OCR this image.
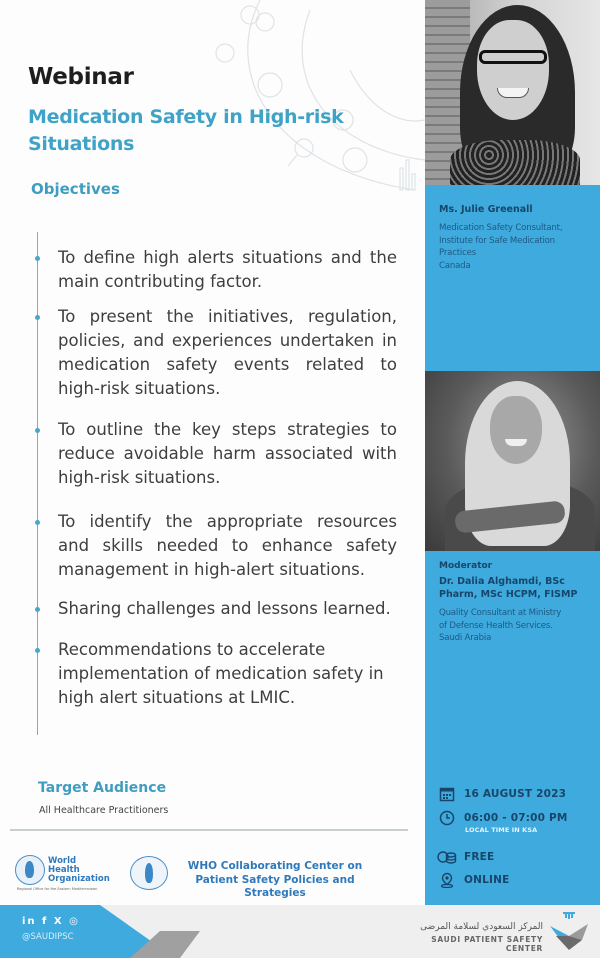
Webinar
Medication Safety in High-risk Situations
Objectives
To define high alerts situations and the main contributing factor.
To present the initiatives, regulation, policies, and experiences undertaken in medication safety events related to high-risk situations.
To outline the key steps strategies to reduce avoidable harm associated with high-risk situations.
To identify the appropriate resources and skills needed to enhance safety management in high-alert situations.
Sharing challenges and lessons learned.
Recommendations to accelerate implementation of medication safety in high alert situations at LMIC.
Target Audience
All Healthcare Practitioners
World Health
Organization
Regional Office for the Eastern Mediterranean
WHO Collaborating Center on
Patient Safety Policies and Strategies
Ms. Julie Greenall
Medication Safety Consultant,
Institute for Safe Medication
Practices
Canada
Moderator
Dr. Dalia Alghamdi, BSc
Pharm, MSc HCPM, FISMP
Quality Consultant at Ministry
of Defense Health Services.
Saudi Arabia
16 AUGUST 2023
06:00 - 07:00 PM
LOCAL TIME IN KSA
FREE
ONLINE
in f X ◎
@SAUDIPSC
المركز السعودي لسلامة المرضى
SAUDI PATIENT SAFETY CENTER
